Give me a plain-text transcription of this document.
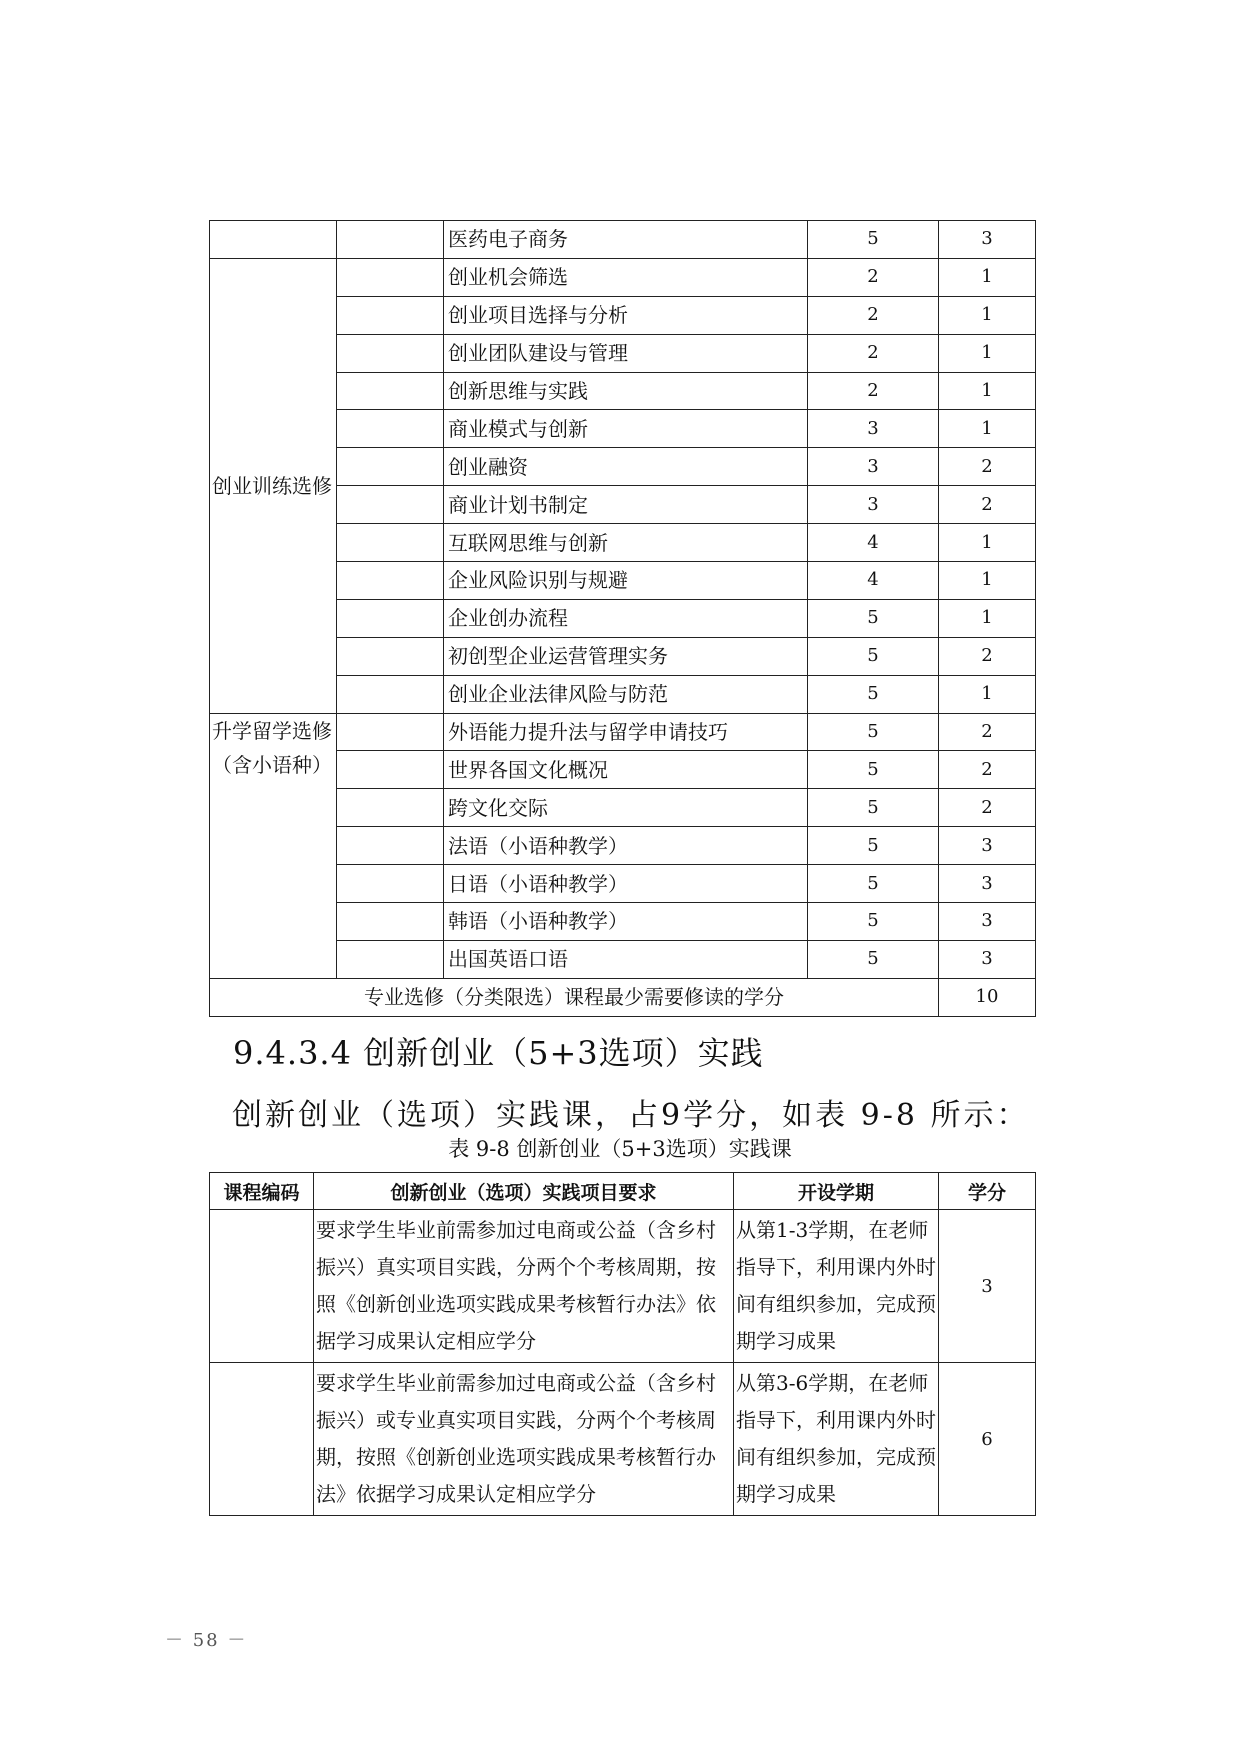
		医药电子商务	5	3
创业训练选修		创业机会筛选	2	1
		创业项目选择与分析	2	1
		创业团队建设与管理	2	1
		创新思维与实践	2	1
		商业模式与创新	3	1
		创业融资	3	2
		商业计划书制定	3	2
		互联网思维与创新	4	1
		企业风险识别与规避	4	1
		企业创办流程	5	1
		初创型企业运营管理实务	5	2
		创业企业法律风险与防范	5	1
升学留学选修（含小语种）		外语能力提升法与留学申请技巧	5	2
		世界各国文化概况	5	2
		跨文化交际	5	2
		法语（小语种教学）	5	3
		日语（小语种教学）	5	3
		韩语（小语种教学）	5	3
		出国英语口语	5	3
专业选修（分类限选）课程最少需要修读的学分				10
9.4.3.4 创新创业（5+3选项）实践

创新创业（选项）实践课，占9学分，如表 9-8 所示：

表 9-8 创新创业（5+3选项）实践课

课程编码	创新创业（选项）实践项目要求	开设学期	学分

	要求学生毕业前需参加过电商或公益（含乡村振兴）真实项目实践，分两个个考核周期，按照《创新创业选项实践成果考核暂行办法》依据学习成果认定相应学分	从第1-3学期，在老师指导下，利用课内外时间有组织参加，完成预期学习成果	3

	要求学生毕业前需参加过电商或公益（含乡村振兴）或专业真实项目实践，分两个个考核周期，按照《创新创业选项实践成果考核暂行办法》依据学习成果认定相应学分	从第3-6学期，在老师指导下，利用课内外时间有组织参加，完成预期学习成果	6

－ 58 －
